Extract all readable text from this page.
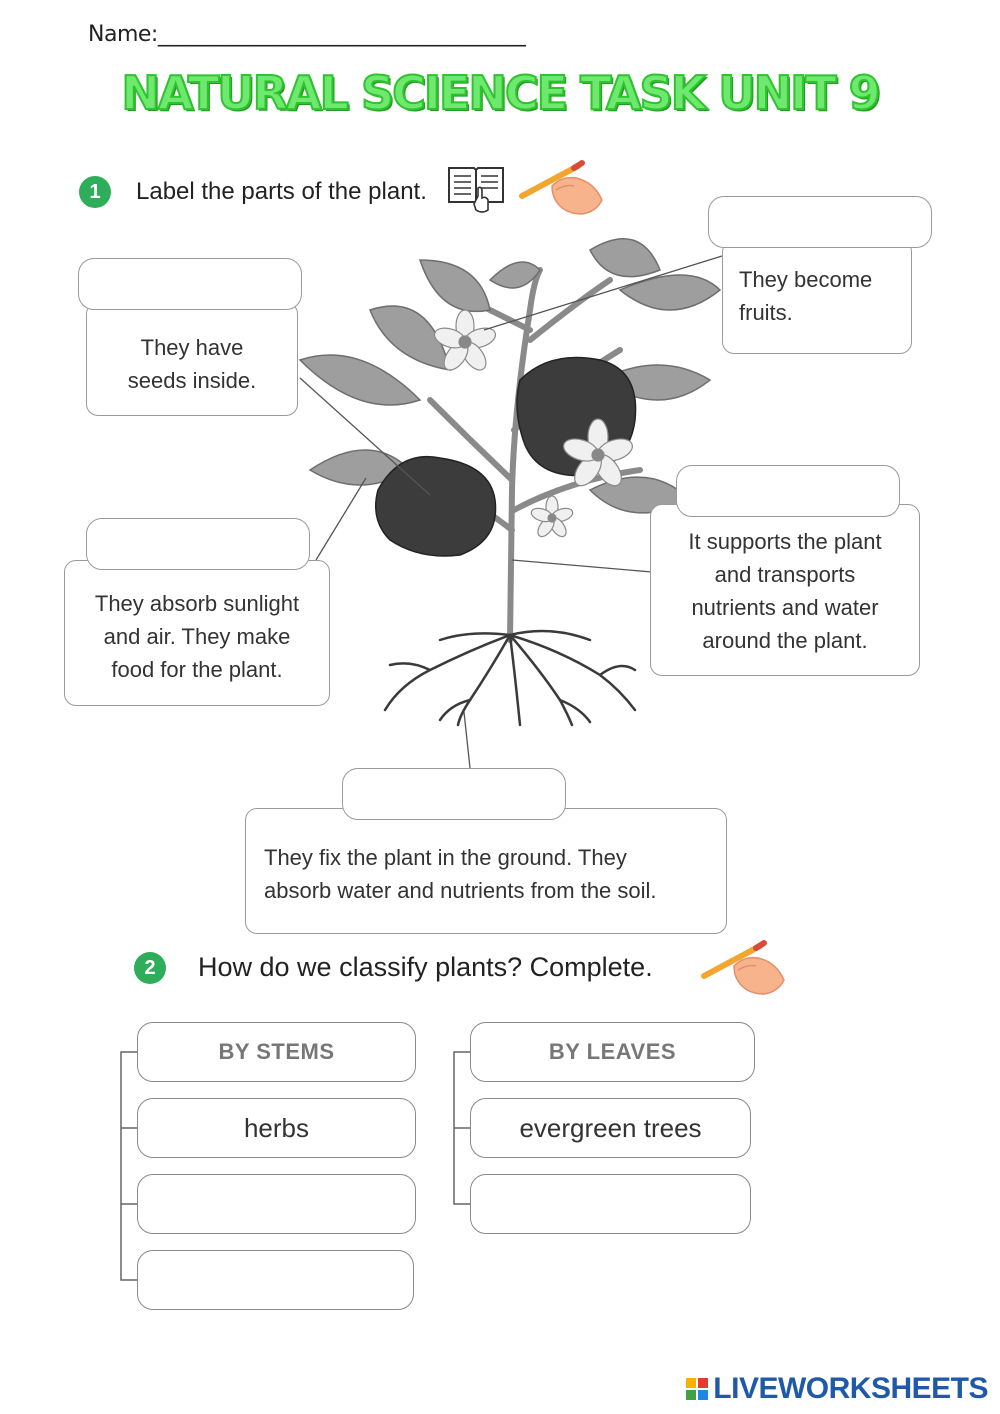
Name:___________________________________
NATURAL SCIENCE TASK UNIT 9
1	Label the parts of the plant.
They have
seeds inside.
They become
fruits.
They absorb sunlight
and air. They make
food for the plant.
It supports the plant
and transports
nutrients and water
around the plant.
They fix the plant in the ground. They
absorb water and nutrients from the soil.
2	How do we classify plants? Complete.
BY STEMS
herbs
BY LEAVES
evergreen trees
LIVEWORKSHEETS
